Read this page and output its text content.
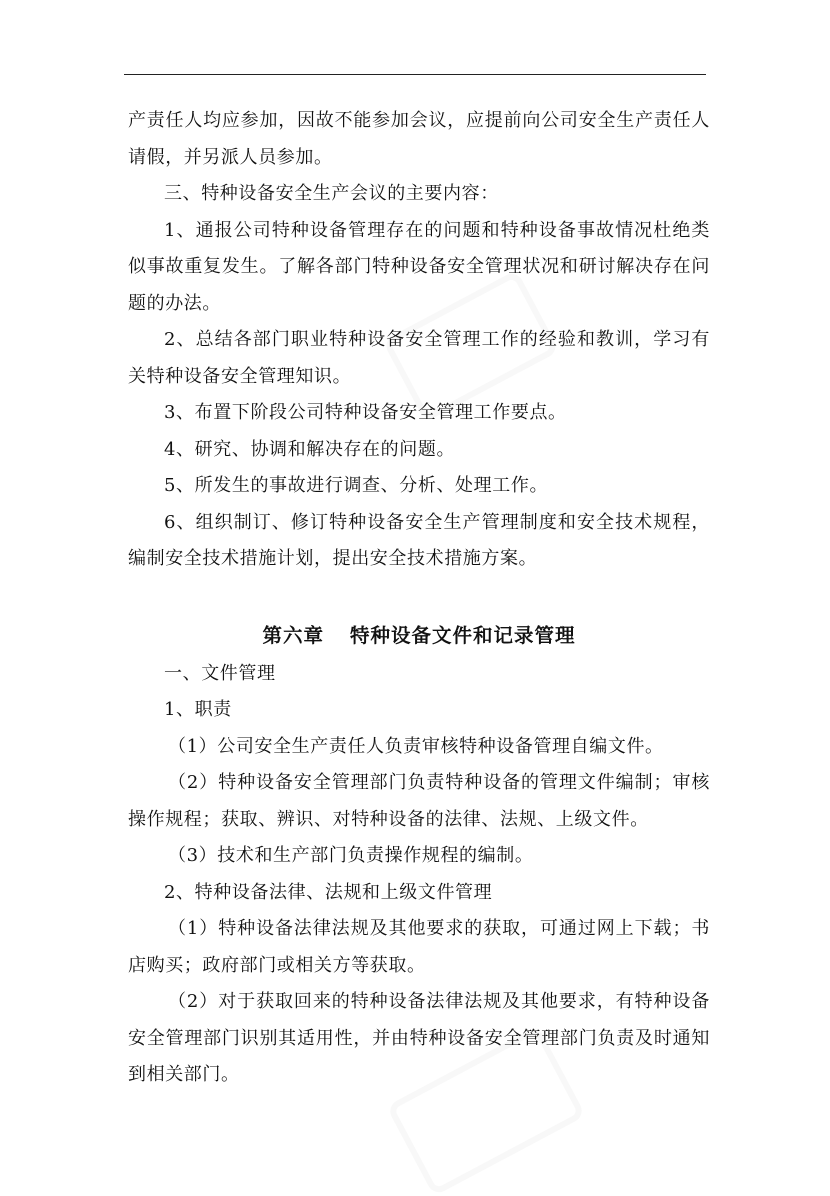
产责任人均应参加，因故不能参加会议，应提前向公司安全生产责任人请假，并另派人员参加。

三、特种设备安全生产会议的主要内容：

1、通报公司特种设备管理存在的问题和特种设备事故情况杜绝类似事故重复发生。了解各部门特种设备安全管理状况和研讨解决存在问题的办法。

2、总结各部门职业特种设备安全管理工作的经验和教训，学习有关特种设备安全管理知识。

3、布置下阶段公司特种设备安全管理工作要点。

4、研究、协调和解决存在的问题。

5、所发生的事故进行调查、分析、处理工作。

6、组织制订、修订特种设备安全生产管理制度和安全技术规程，编制安全技术措施计划，提出安全技术措施方案。

第六章 特种设备文件和记录管理

一、文件管理

1、职责

（1）公司安全生产责任人负责审核特种设备管理自编文件。

（2）特种设备安全管理部门负责特种设备的管理文件编制；审核操作规程；获取、辨识、对特种设备的法律、法规、上级文件。

（3）技术和生产部门负责操作规程的编制。

2、特种设备法律、法规和上级文件管理

（1）特种设备法律法规及其他要求的获取，可通过网上下载；书店购买；政府部门或相关方等获取。

（2）对于获取回来的特种设备法律法规及其他要求，有特种设备安全管理部门识别其适用性，并由特种设备安全管理部门负责及时通知到相关部门。
